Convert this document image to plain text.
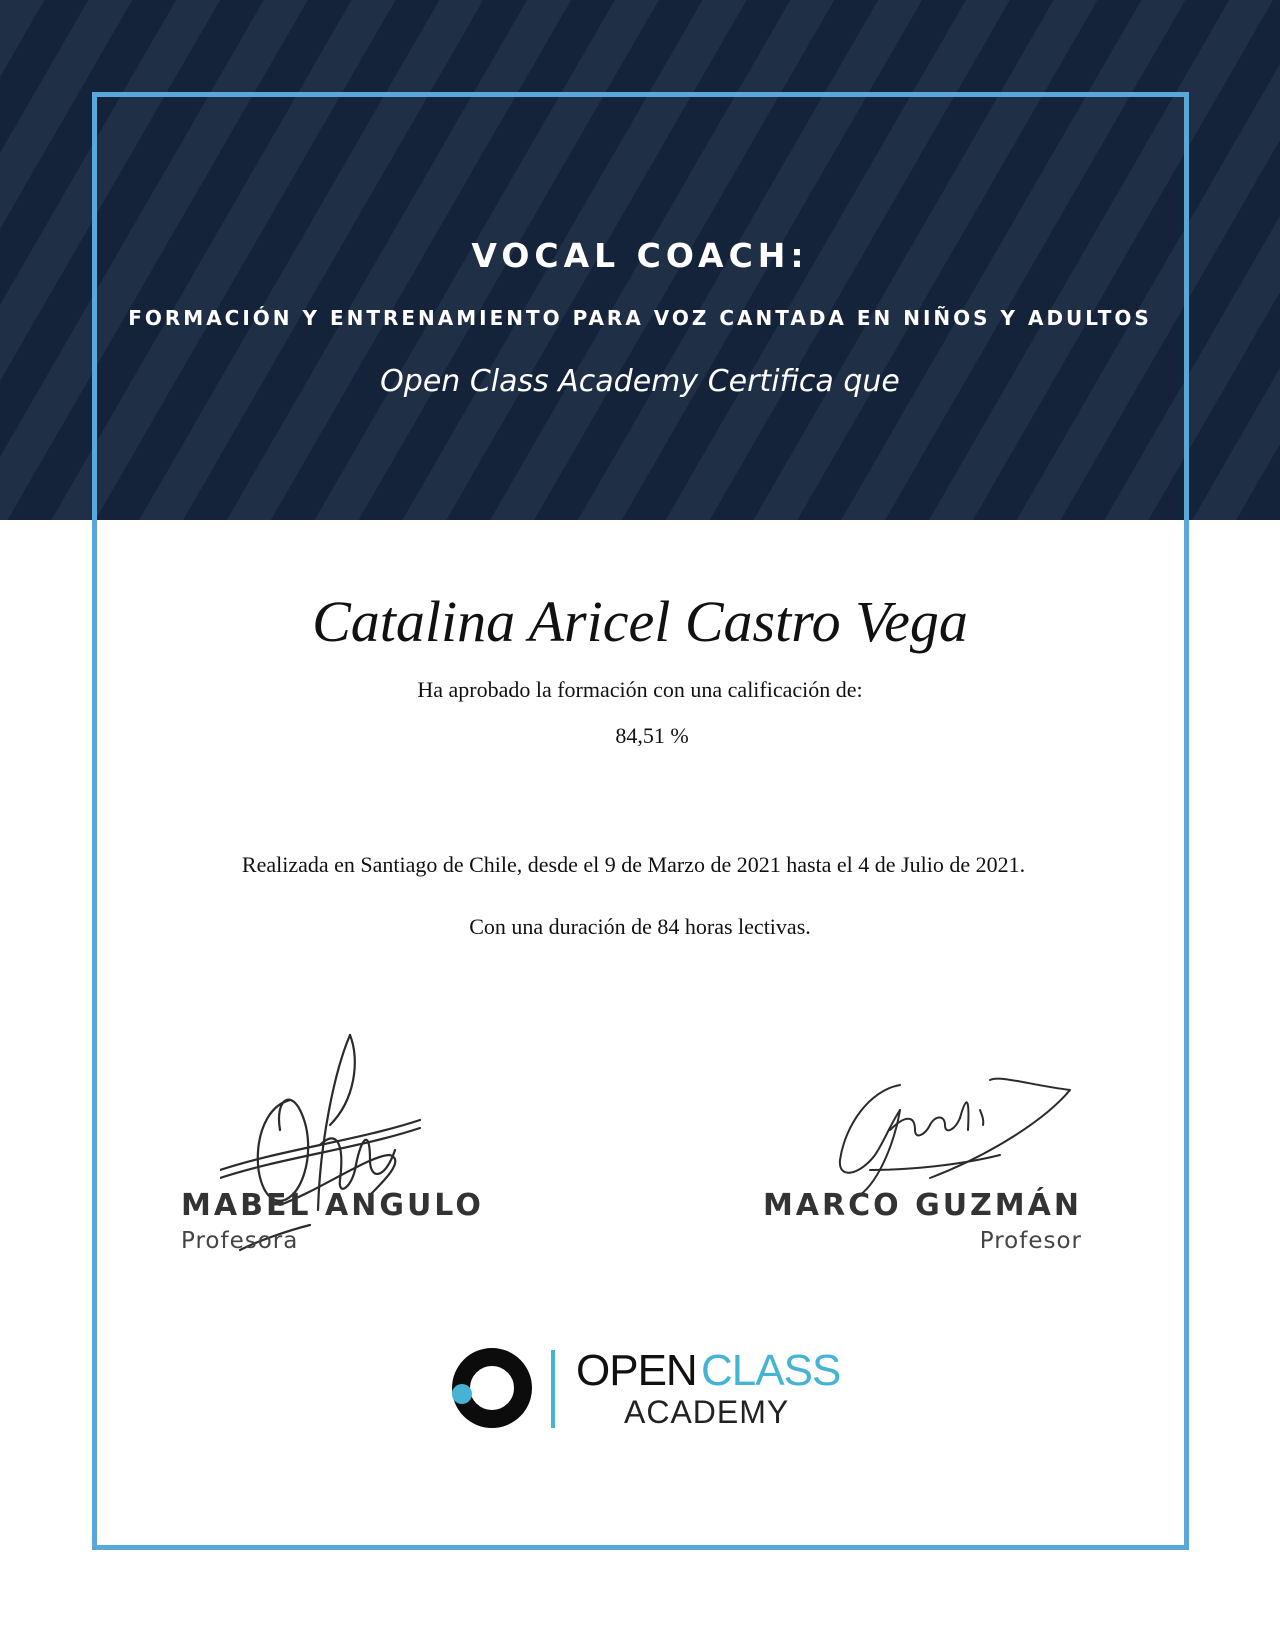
VOCAL COACH:
FORMACIÓN Y ENTRENAMIENTO PARA VOZ CANTADA EN NIÑOS Y ADULTOS
Open Class Academy Certifica que
Catalina Aricel Castro Vega
Ha aprobado la formación con una calificación de:
84,51 %
Realizada en Santiago de Chile, desde el 9 de Marzo de 2021 hasta el 4 de Julio de 2021.
Con una duración de 84 horas lectivas.
MABEL ANGULO
Profesora
MARCO GUZMÁN
Profesor
OPEN CLASS
ACADEMY
